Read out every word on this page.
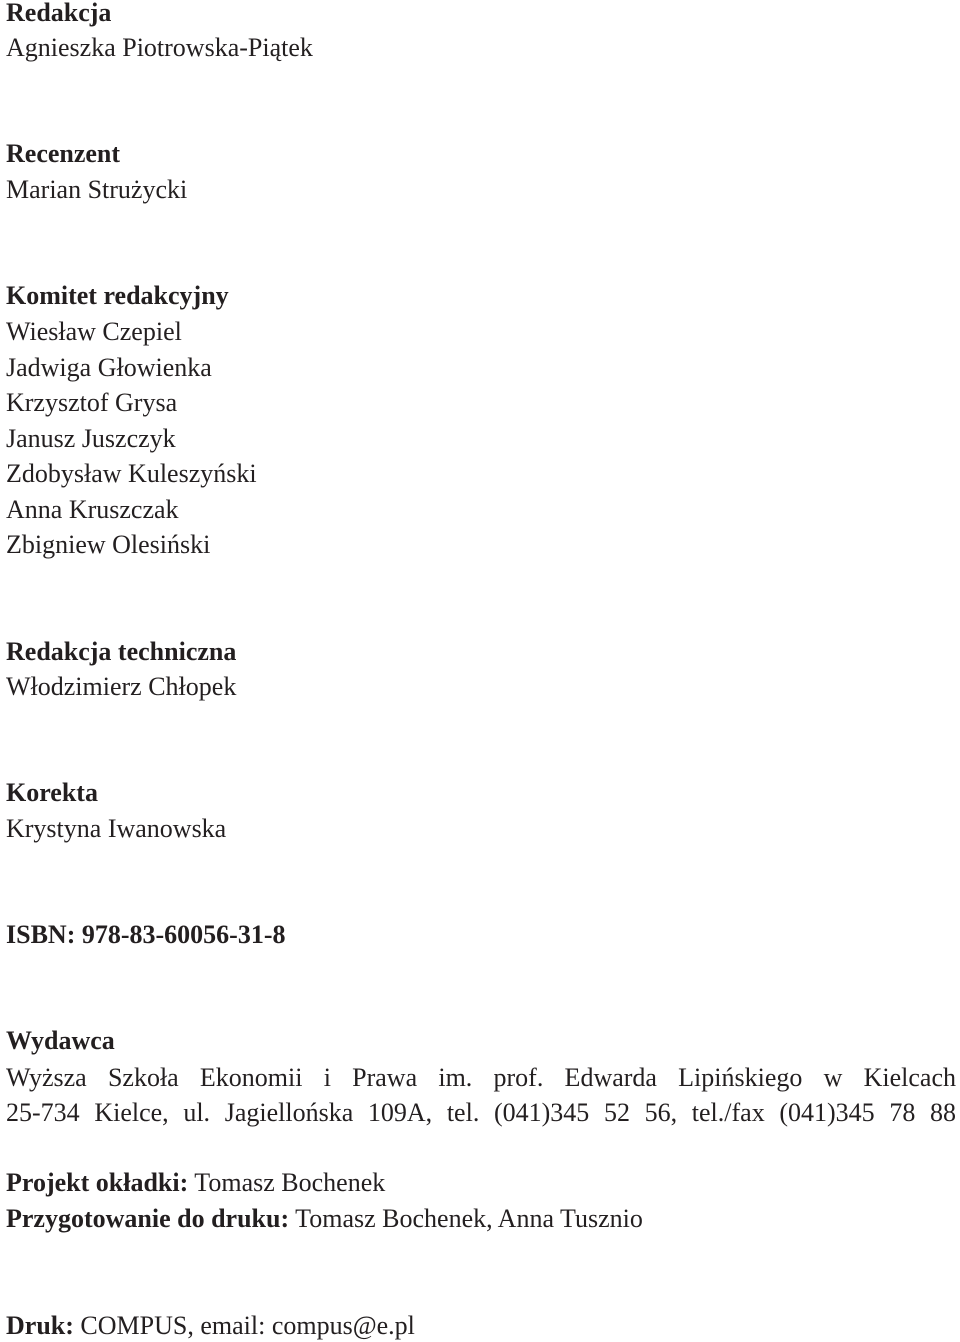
Redakcja
Agnieszka Piotrowska-Piątek
Recenzent
Marian Strużycki
Komitet redakcyjny
Wiesław Czepiel
Jadwiga Głowienka
Krzysztof Grysa
Janusz Juszczyk
Zdobysław Kuleszyński
Anna Kruszczak
Zbigniew Olesiński
Redakcja techniczna
Włodzimierz Chłopek
Korekta
Krystyna Iwanowska
ISBN: 978-83-60056-31-8
Wydawca
Wyższa Szkoła Ekonomii i Prawa im. prof. Edwarda Lipińskiego w Kielcach
25-734 Kielce, ul. Jagiellońska 109A, tel. (041)345 52 56, tel./fax (041)345 78 88
Projekt okładki: Tomasz Bochenek
Przygotowanie do druku: Tomasz Bochenek, Anna Tusznio
Druk: COMPUS, email: compus@e.pl
